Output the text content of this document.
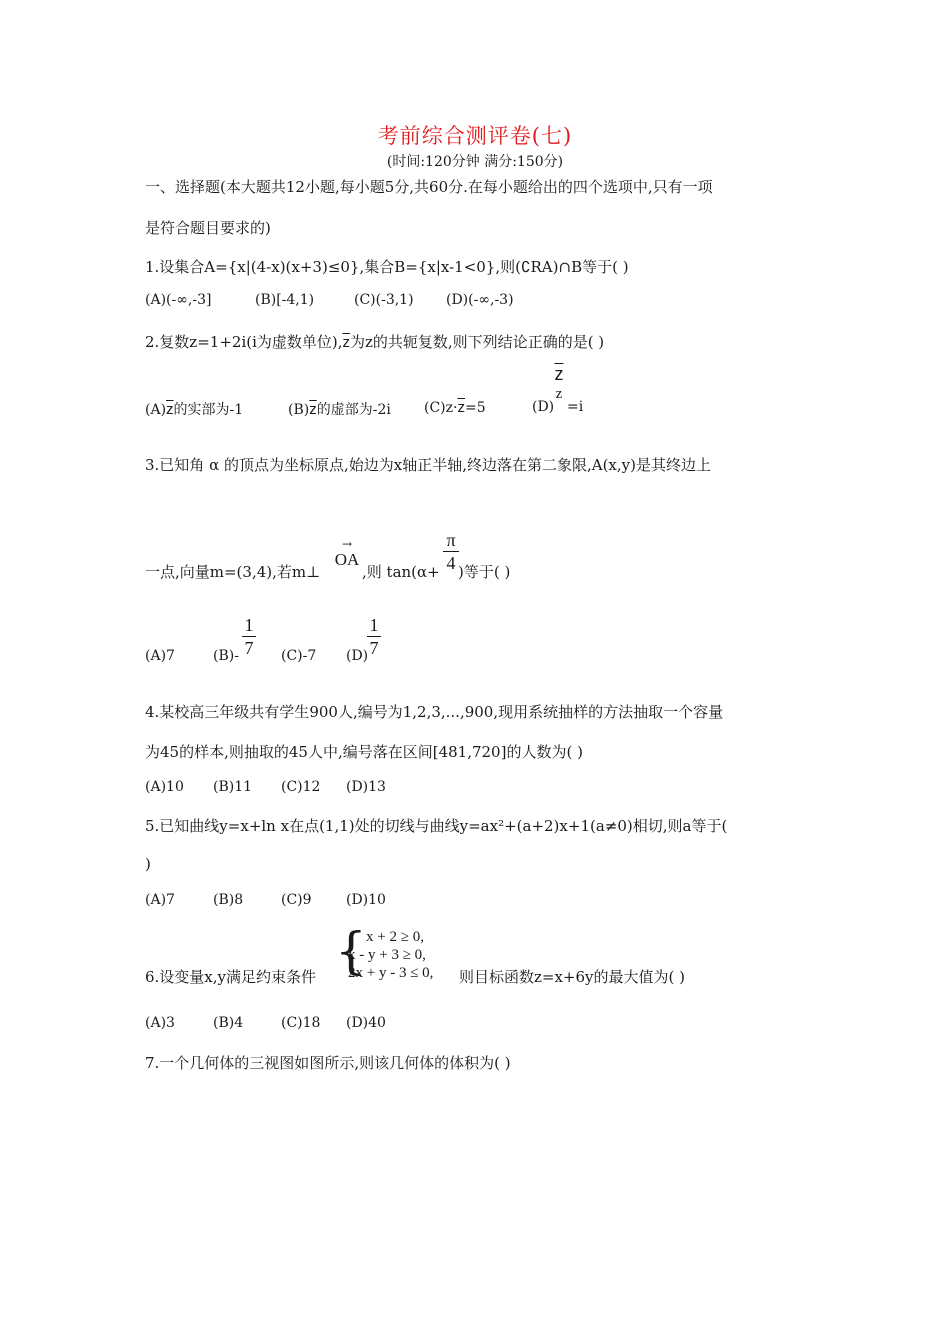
考前综合测评卷(七)
(时间:120分钟 满分:150分)
一、选择题(本大题共12小题,每小题5分,共60分.在每小题给出的四个选项中,只有一项
是符合题目要求的)
1.设集合A={x|(4-x)(x+3)≤0},集合B={x|x-1<0},则(∁RA)∩B等于( )
(A)(-∞,-3]	(B)[-4,1)	(C)(-3,1) (D)(-∞,-3)
2.复数z=1+2i(i为虚数单位)$,\overline{z}$为z的共轭复数,则下列结论正确的是( )
$(A)\overline{z}$的实部为-1	$(B)\overline{z}$的虚部为-2i $(C)z\cdot\overline{z}=5$	(D)
$\overline{z}$
z
=i
3.已知角 α 的顶点为坐标原点,始边为x轴正半轴,终边落在第二象限,A(x,y)是其终边上
一点,向量m=(3,4),若m⊥
→
OA
,则 tan(α+
π
4 )等于( )
(A)7	(B)-
1
7 (C)-7 (D)
1
7
4.某校高三年级共有学生900人,编号为1,2,3,...,900,现用系统抽样的方法抽取一个容量
为45的样本,则抽取的45人中,编号落在区间[481,720]的人数为( )
(A)10 (B)11 (C)12 (D)13
5.已知曲线y=x+ln x在点(1,1)处的切线与曲线y=ax²+(a+2)x+1(a≠0)相切,则a等于(
)
(A)7	(B)8	(C)9 (D)10
6.设变量x,y满足约束条件 { x + 2 ≥ 0,
x - y + 3 ≥ 0,
2x + y - 3 ≤ 0, 则目标函数z=x+6y的最大值为( )
(A)3	(B)4	(C)18 (D)40
7.一个几何体的三视图如图所示,则该几何体的体积为( )
